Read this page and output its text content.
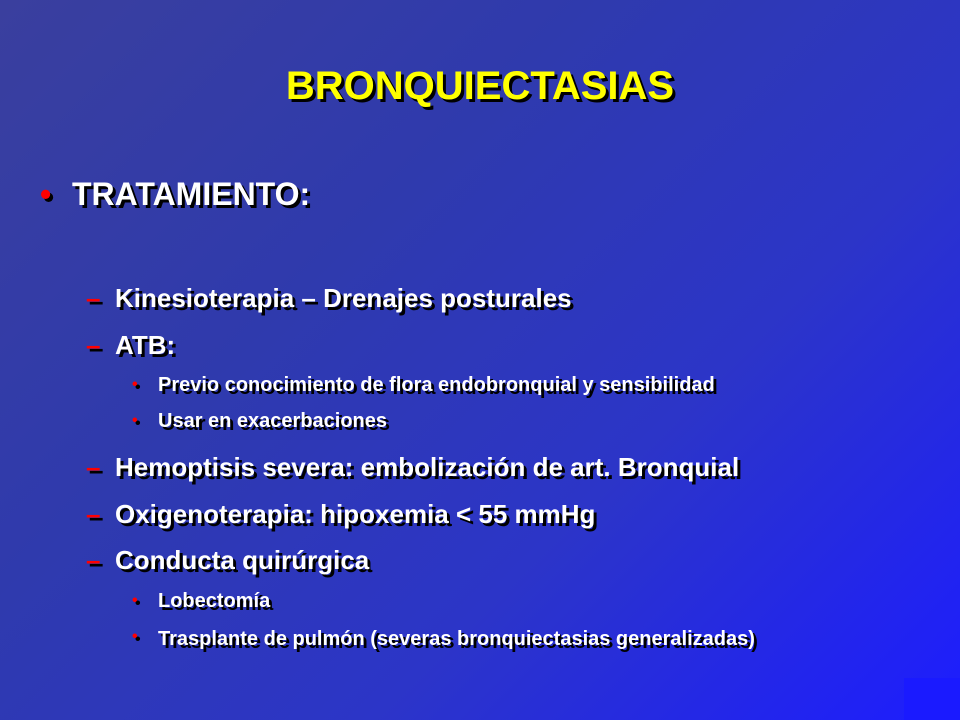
BRONQUIECTASIAS
• TRATAMIENTO:
– Kinesioterapia – Drenajes posturales
– ATB:
• Previo conocimiento de flora endobronquial y sensibilidad
• Usar en exacerbaciones
– Hemoptisis severa: embolización de art. Bronquial
– Oxigenoterapia: hipoxemia < 55 mmHg
– Conducta quirúrgica
• Lobectomía
• Trasplante de pulmón (severas bronquiectasias generalizadas)
